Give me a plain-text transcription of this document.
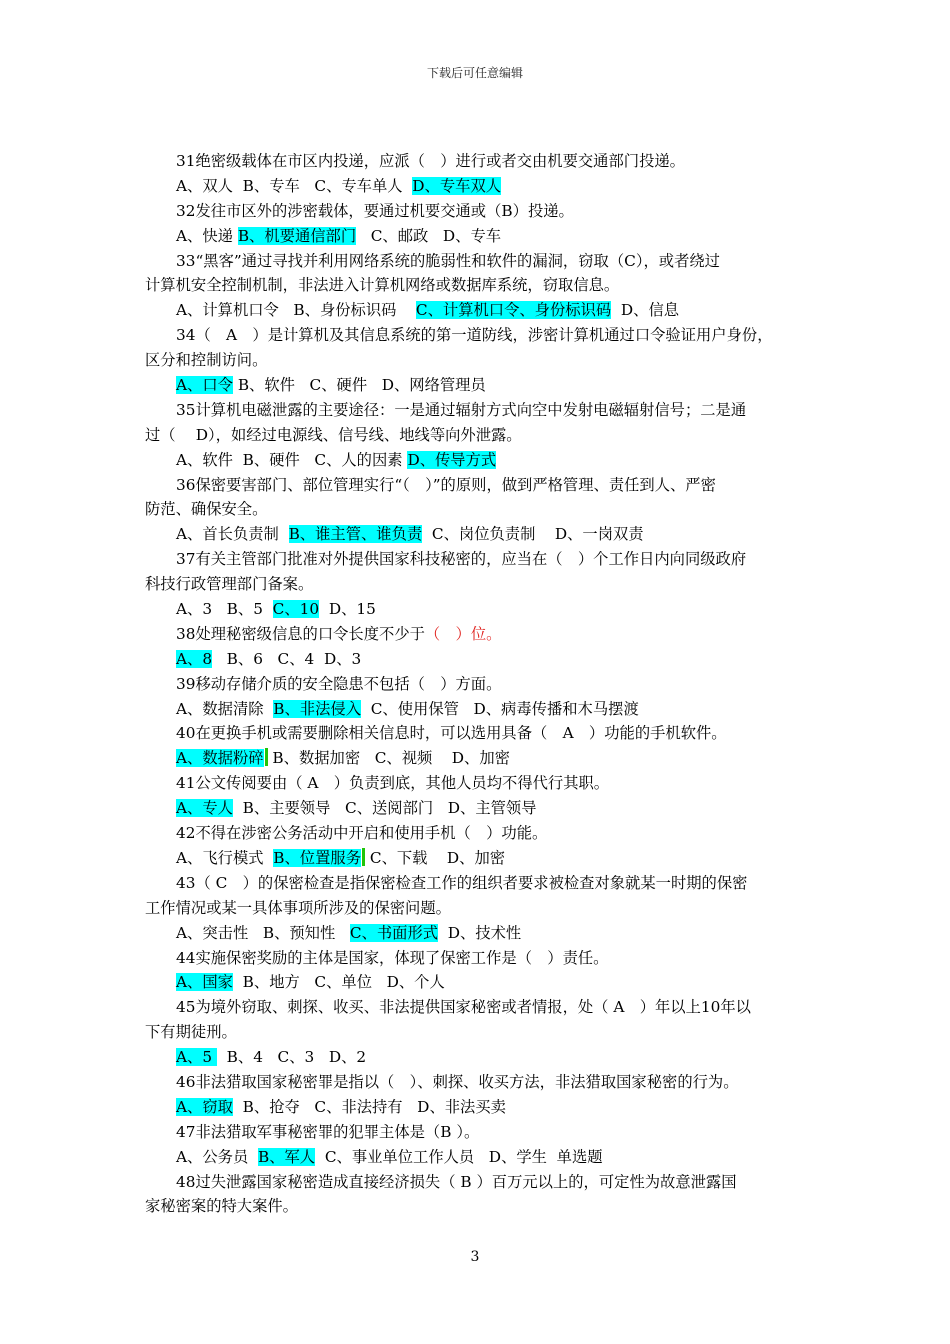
下载后可任意编辑
31绝密级载体在市区内投递，应派（　）进行或者交由机要交通部门投递。
A、双人  B、专车   C、专车单人  D、专车双人
32发往市区外的涉密载体，要通过机要交通或（B）投递。
A、快递 B、机要通信部门   C、邮政   D、专车
33“黑客”通过寻找并利用网络系统的脆弱性和软件的漏洞，窃取（C），或者绕过
计算机安全控制机制，非法进入计算机网络或数据库系统，窃取信息。
A、计算机口令   B、身份标识码    C、计算机口令、身份标识码  D、信息
34（　A　）是计算机及其信息系统的第一道防线，涉密计算机通过口令验证用户身份，
区分和控制访问。
A、口令 B、软件   C、硬件   D、网络管理员
35计算机电磁泄露的主要途径：一是通过辐射方式向空中发射电磁辐射信号；二是通
过（　 D），如经过电源线、信号线、地线等向外泄露。
A、软件  B、硬件   C、人的因素 D、传导方式
36保密要害部门、部位管理实行“（　）”的原则，做到严格管理、责任到人、严密
防范、确保安全。
A、首长负责制  B、谁主管、谁负责  C、岗位负责制    D、一岗双责
37有关主管部门批准对外提供国家科技秘密的，应当在（　）个工作日内向同级政府
科技行政管理部门备案。
A、3   B、5  C、10  D、15
38处理秘密级信息的口令长度不少于（　）位。
A、8   B、6   C、4  D、3
39移动存储介质的安全隐患不包括（　）方面。
A、数据清除  B、非法侵入  C、使用保管   D、病毒传播和木马摆渡
40在更换手机或需要删除相关信息时，可以选用具备（　A　）功能的手机软件。
A、数据粉碎 B、数据加密   C、视频    D、加密
41公文传阅要由（ A　）负责到底，其他人员均不得代行其职。
A、专人  B、主要领导   C、送阅部门   D、主管领导
42不得在涉密公务活动中开启和使用手机（　）功能。
A、飞行模式  B、位置服务 C、下载    D、加密
43（ C　）的保密检查是指保密检查工作的组织者要求被检查对象就某一时期的保密
工作情况或某一具体事项所涉及的保密问题。
A、突击性   B、预知性   C、书面形式  D、技术性
44实施保密奖励的主体是国家，体现了保密工作是（　）责任。
A、国家  B、地方   C、单位   D、个人
45为境外窃取、刺探、收买、非法提供国家秘密或者情报，处（ A　）年以上10年以
下有期徒刑。
A、5   B、4   C、3   D、2
46非法猎取国家秘密罪是指以（　）、刺探、收买方法，非法猎取国家秘密的行为。
A、窃取  B、抢夺   C、非法持有   D、非法买卖
47非法猎取军事秘密罪的犯罪主体是（B ）。
A、公务员  B、军人  C、事业单位工作人员   D、学生  单选题
48过失泄露国家秘密造成直接经济损失（ B ）百万元以上的，可定性为故意泄露国
家秘密案的特大案件。
3
